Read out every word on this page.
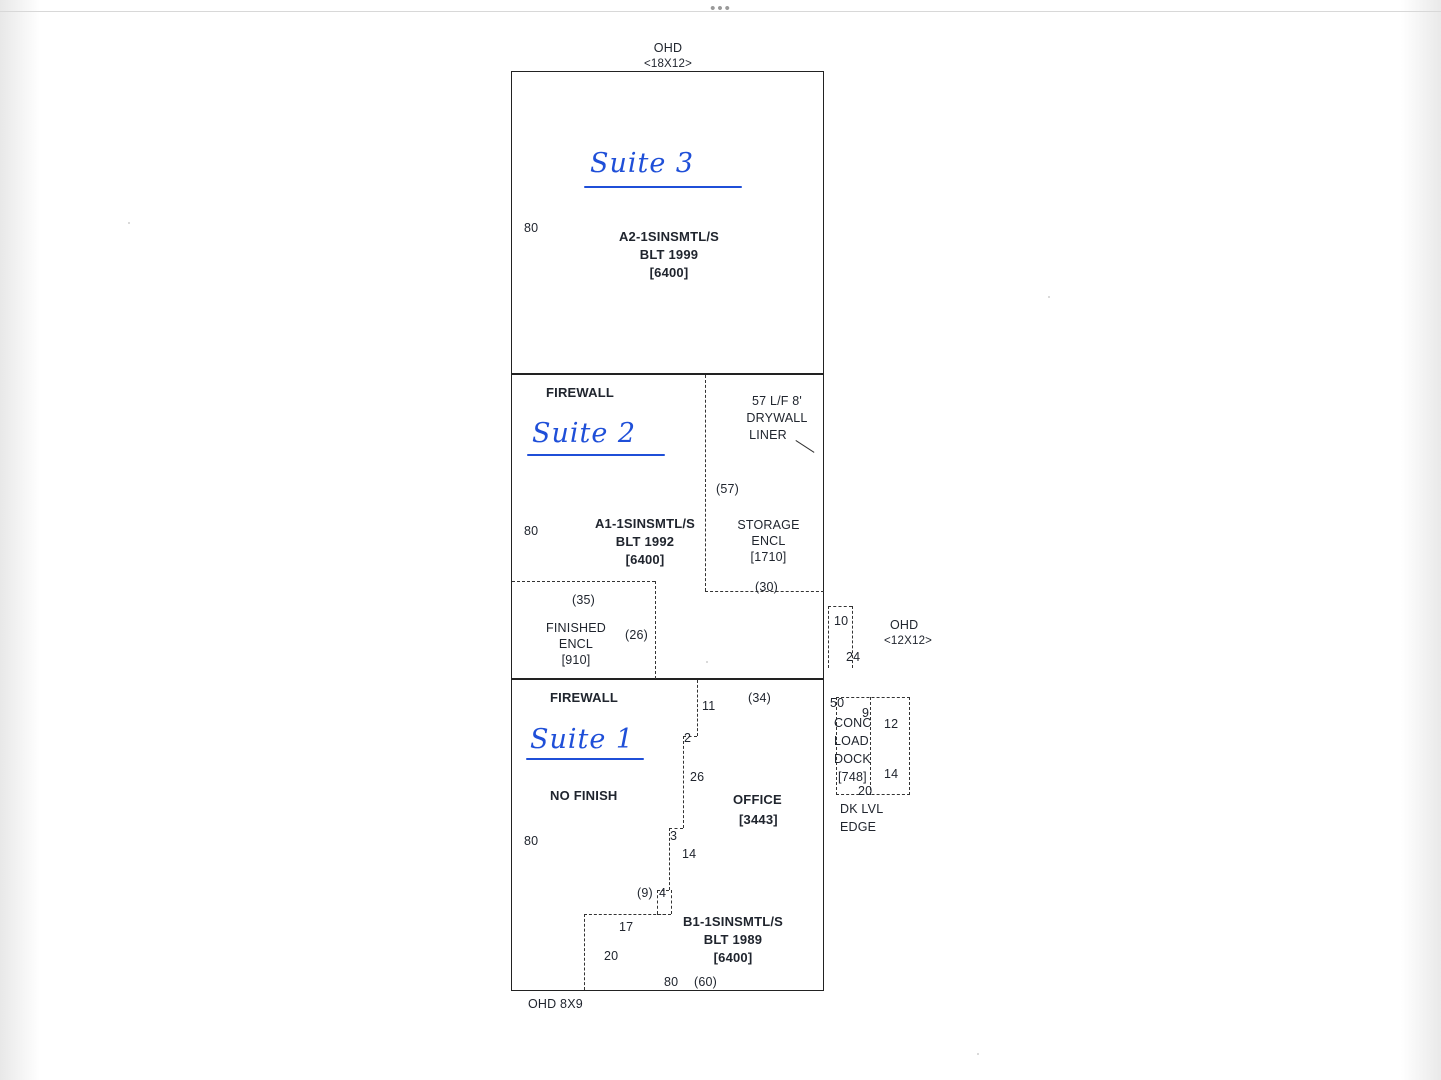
•••
OHD
<18X12>
Suite 3
80
A2-1SINSMTL/S
BLT 1999
[6400]
FIREWALL
Suite 2
80	A1-1SINSMTL/S
BLT 1992
[6400]
57 L/F 8'
DRYWALL
LINER
(57)
STORAGE
ENCL
[1710]
(30)
(35)
FINISHED
ENCL
[910]
(26)
10
24
OHD
<12X12>
50
9
12
CONC
LOAD
DOCK
[748] 14
20
DK LVL
EDGE
FIREWALL
Suite 1
NO FINISH
80
(34)
11
2
26
3
14
(9) 4
17
20
OFFICE
[3443]
B1-1SINSMTL/S
BLT 1989
[6400]
80 (60)
OHD 8X9
